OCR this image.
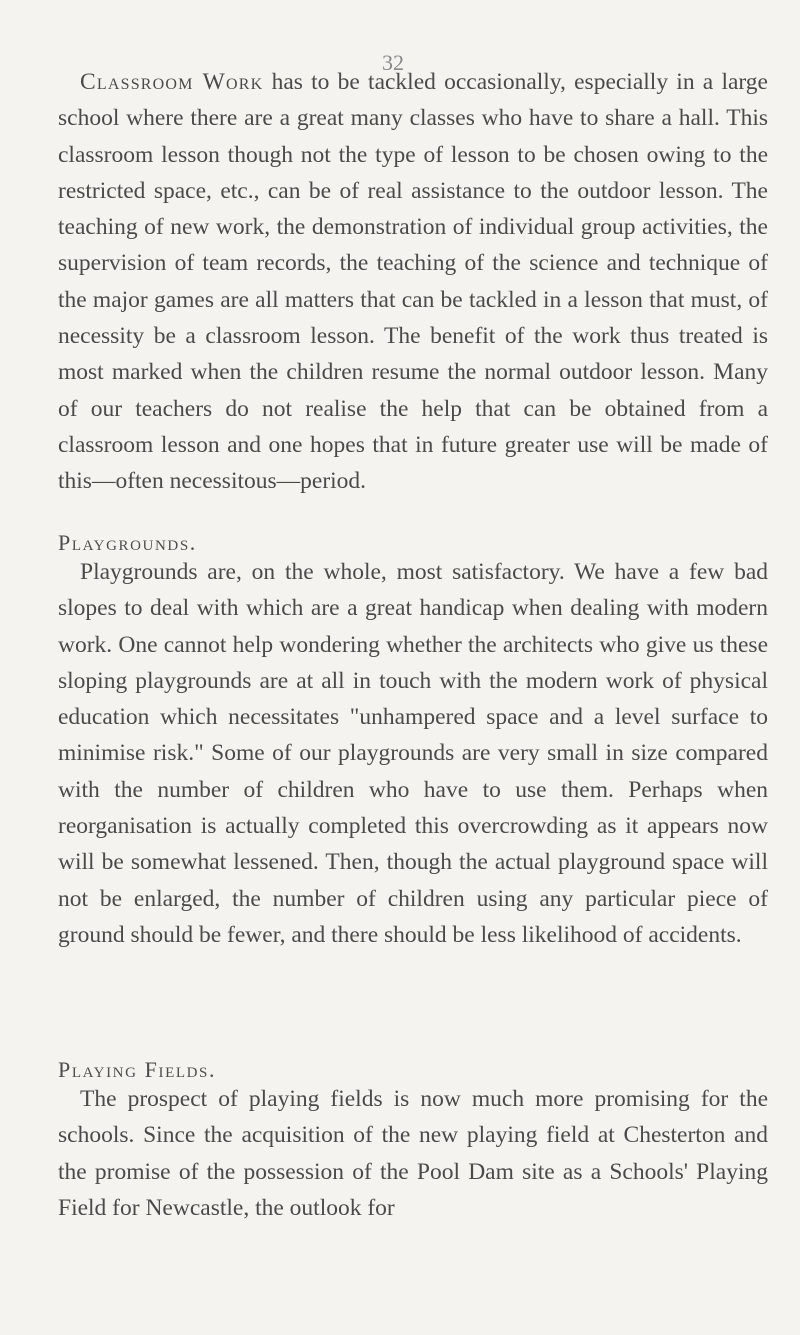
32

Classroom Work has to be tackled occasionally, especially in a large school where there are a great many classes who have to share a hall. This classroom lesson though not the type of lesson to be chosen owing to the restricted space, etc., can be of real assistance to the outdoor lesson. The teaching of new work, the demonstration of individual group activities, the supervision of team records, the teaching of the science and technique of the major games are all matters that can be tackled in a lesson that must, of necessity be a classroom lesson. The benefit of the work thus treated is most marked when the children resume the normal outdoor lesson. Many of our teachers do not realise the help that can be obtained from a classroom lesson and one hopes that in future greater use will be made of this—often necessitous—period.

Playgrounds.

Playgrounds are, on the whole, most satisfactory. We have a few bad slopes to deal with which are a great handicap when dealing with modern work. One cannot help wondering whether the architects who give us these sloping playgrounds are at all in touch with the modern work of physical education which necessitates "unhampered space and a level surface to minimise risk." Some of our playgrounds are very small in size compared with the number of children who have to use them. Perhaps when reorganisation is actually completed this overcrowding as it appears now will be somewhat lessened. Then, though the actual playground space will not be enlarged, the number of children using any particular piece of ground should be fewer, and there should be less likelihood of accidents.

Playing Fields.

The prospect of playing fields is now much more promising for the schools. Since the acquisition of the new playing field at Chesterton and the promise of the possession of the Pool Dam site as a Schools' Playing Field for Newcastle, the outlook for
